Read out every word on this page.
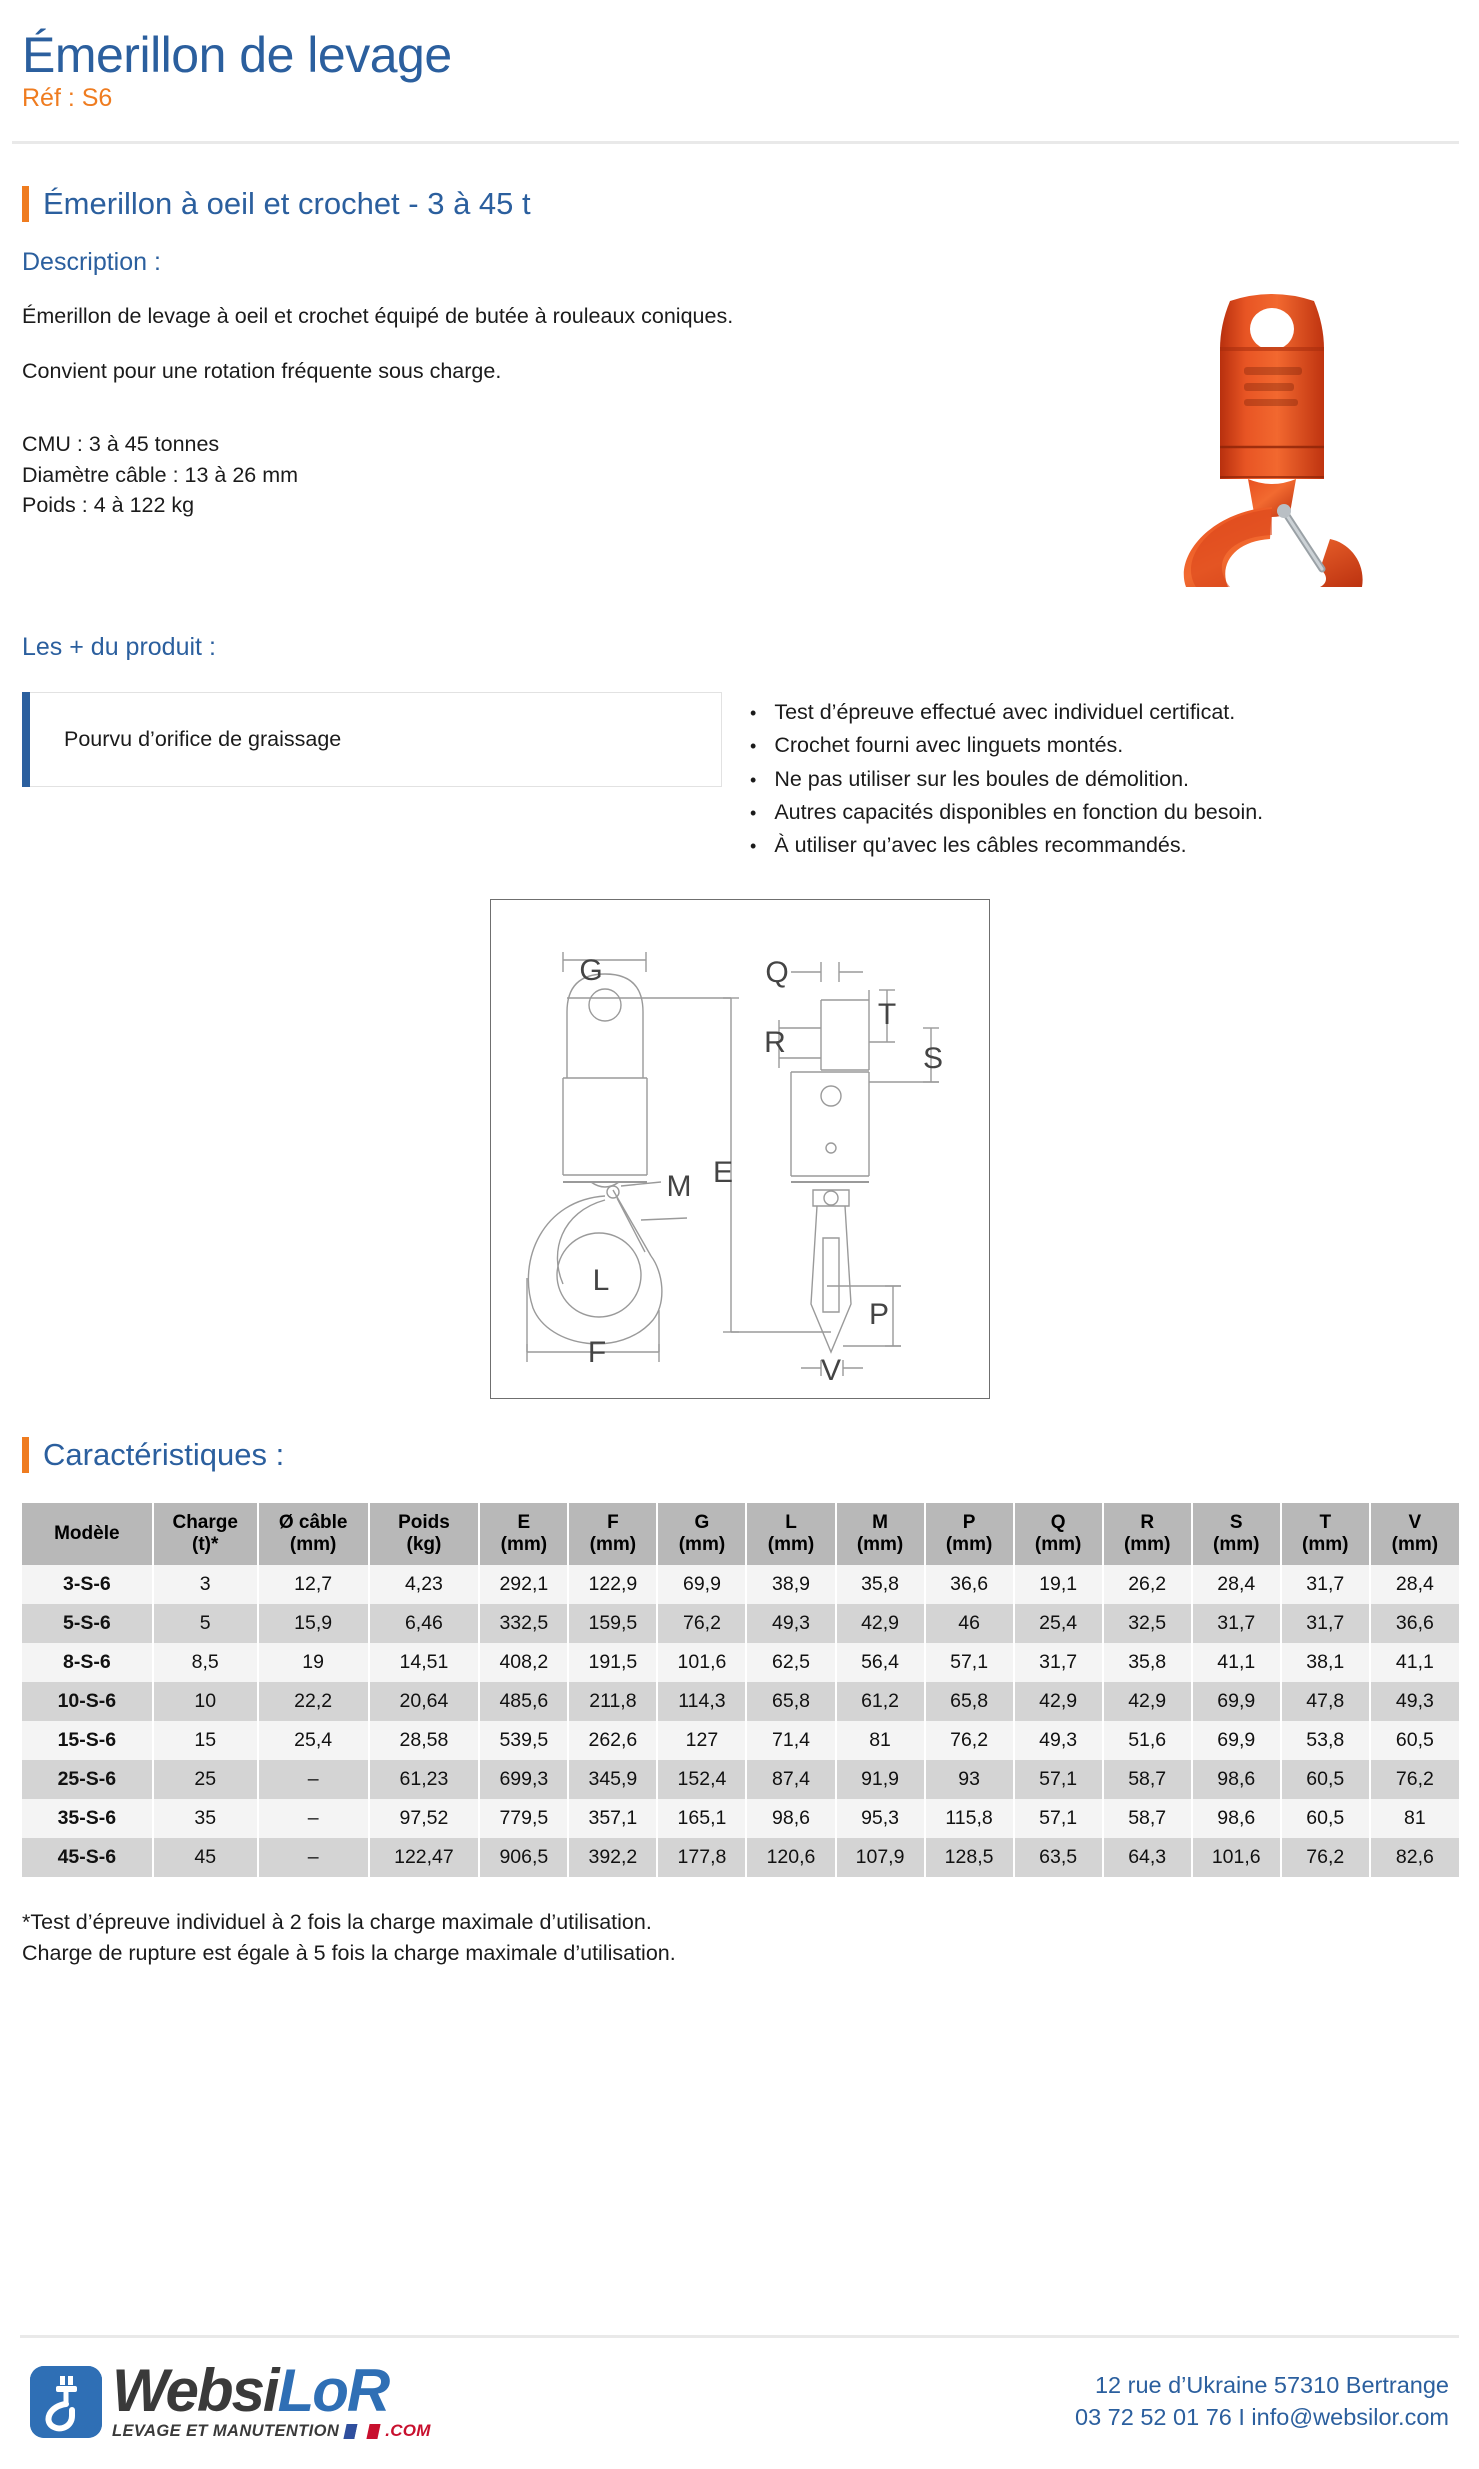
Émerillon de levage
Réf : S6
Émerillon à oeil et crochet - 3 à 45 t
Description :
Émerillon de levage à oeil et crochet équipé de butée à rouleaux coniques.
Convient pour une rotation fréquente sous charge.
CMU : 3 à 45 tonnes
Diamètre câble : 13 à 26 mm
Poids : 4 à 122 kg
Les + du produit :
Pourvu d’orifice de graissage
• Test d’épreuve effectué avec individuel certificat.
• Crochet fourni avec linguets montés.
• Ne pas utiliser sur les boules de démolition.
• Autres capacités disponibles en fonction du besoin.
• À utiliser qu’avec les câbles recommandés.
G	Q
R
T
S
E
M
L
F
P
V
Caractéristiques :
Modèle

Charge
(t)*

Ø câble
(mm)

Poids
(kg)

E
(mm)

F
(mm)

G
(mm)

L
(mm)

M
(mm)

P
(mm)

Q
(mm)

R
(mm)

S
(mm)

T
(mm)

V
(mm)

3-S-6	3	12,7	4,23	292,1	122,9	69,9	38,9	35,8	36,6	19,1	26,2	28,4	31,7	28,4
5-S-6	5	15,9	6,46	332,5	159,5	76,2	49,3	42,9	46	25,4	32,5	31,7	31,7	36,6
8-S-6	8,5	19	14,51	408,2	191,5	101,6	62,5	56,4	57,1	31,7	35,8	41,1	38,1	41,1
10-S-6	10	22,2	20,64	485,6	211,8	114,3	65,8	61,2	65,8	42,9	42,9	69,9	47,8	49,3
15-S-6	15	25,4	28,58	539,5	262,6	127	71,4	81	76,2	49,3	51,6	69,9	53,8	60,5
25-S-6	25	–	61,23	699,3	345,9	152,4	87,4	91,9	93	57,1	58,7	98,6	60,5	76,2
35-S-6	35	–	97,52	779,5	357,1	165,1	98,6	95,3	115,8	57,1	58,7	98,6	60,5	81
45-S-6	45	–	122,47	906,5	392,2	177,8	120,6	107,9	128,5	63,5	64,3	101,6	76,2	82,6
*Test d’épreuve individuel à 2 fois la charge maximale d’utilisation.
Charge de rupture est égale à 5 fois la charge maximale d’utilisation.
WebsiLoR
LEVAGE ET MANUTENTION	.COM
12 rue d’Ukraine 57310 Bertrange
03 72 52 01 76 I info@websilor.com
